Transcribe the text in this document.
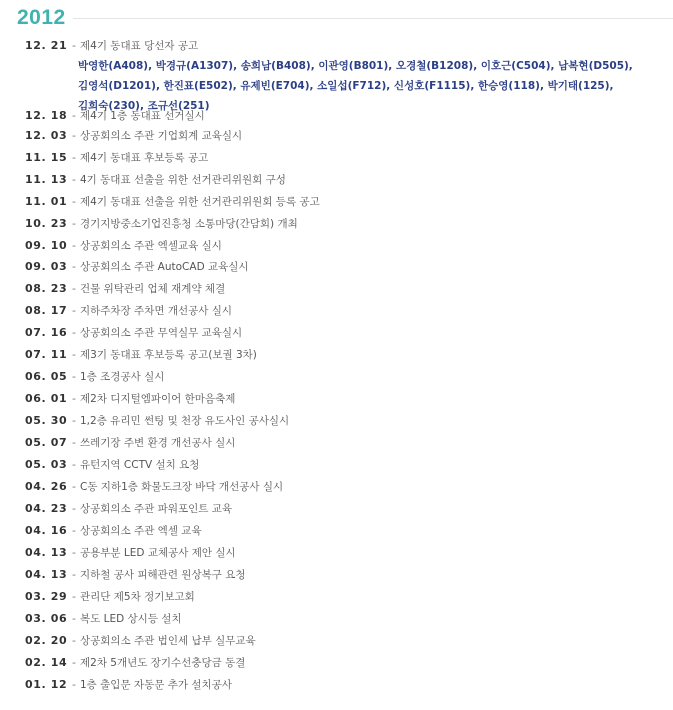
2012
12. 21 - 제4기 동대표 당선자 공고
박영한(A408), 박경규(A1307), 송희남(B408), 이관영(B801), 오경철(B1208), 이호근(C504), 남복현(D505), 김영석(D1201), 한진표(E502), 유제빈(E704), 소일섭(F712), 신성호(F1115), 한승영(118), 박기태(125), 김희숙(230), 조규선(251)
12. 18 - 제4기 1층 동대표 선거실시
12. 03 - 상공회의소 주관 기업회계 교육실시
11. 15 - 제4기 동대표 후보등록 공고
11. 13 - 4기 동대표 선출을 위한 선거관리위원회 구성
11. 01 - 제4기 동대표 선출을 위한 선거관리위원회 등록 공고
10. 23 - 경기지방중소기업진흥청 소통마당(간담회) 개최
09. 10 - 상공회의소 주관 엑셀교육 실시
09. 03 - 상공회의소 주관 AutoCAD 교육실시
08. 23 - 건물 위탁관리 업체 재계약 체결
08. 17 - 지하주차장 주차면 개선공사 실시
07. 16 - 상공회의소 주관 무역실무 교육실시
07. 11 - 제3기 동대표 후보등록 공고(보궐 3차)
06. 05 - 1층 조경공사 실시
06. 01 - 제2차 디지털엠파이어 한마음축제
05. 30 - 1,2층 유리민 썬팅 및 천장 유도사인 공사실시
05. 07 - 쓰레기장 주변 환경 개선공사 실시
05. 03 - 유턴지역 CCTV 설치 요청
04. 26 - C동 지하1층 화물도크장 바닥 개선공사 실시
04. 23 - 상공회의소 주관 파워포인트 교육
04. 16 - 상공회의소 주관 엑셀 교육
04. 13 - 공용부분 LED 교체공사 제안 실시
04. 13 - 지하철 공사 피해관련 원상복구 요청
03. 29 - 관리단 제5차 정기보고회
03. 06 - 복도 LED 상시등 설치
02. 20 - 상공회의소 주관 법인세 납부 실무교육
02. 14 - 제2차 5개년도 장기수선충당금 동결
01. 12 - 1층 출입문 자동문 추가 설치공사
